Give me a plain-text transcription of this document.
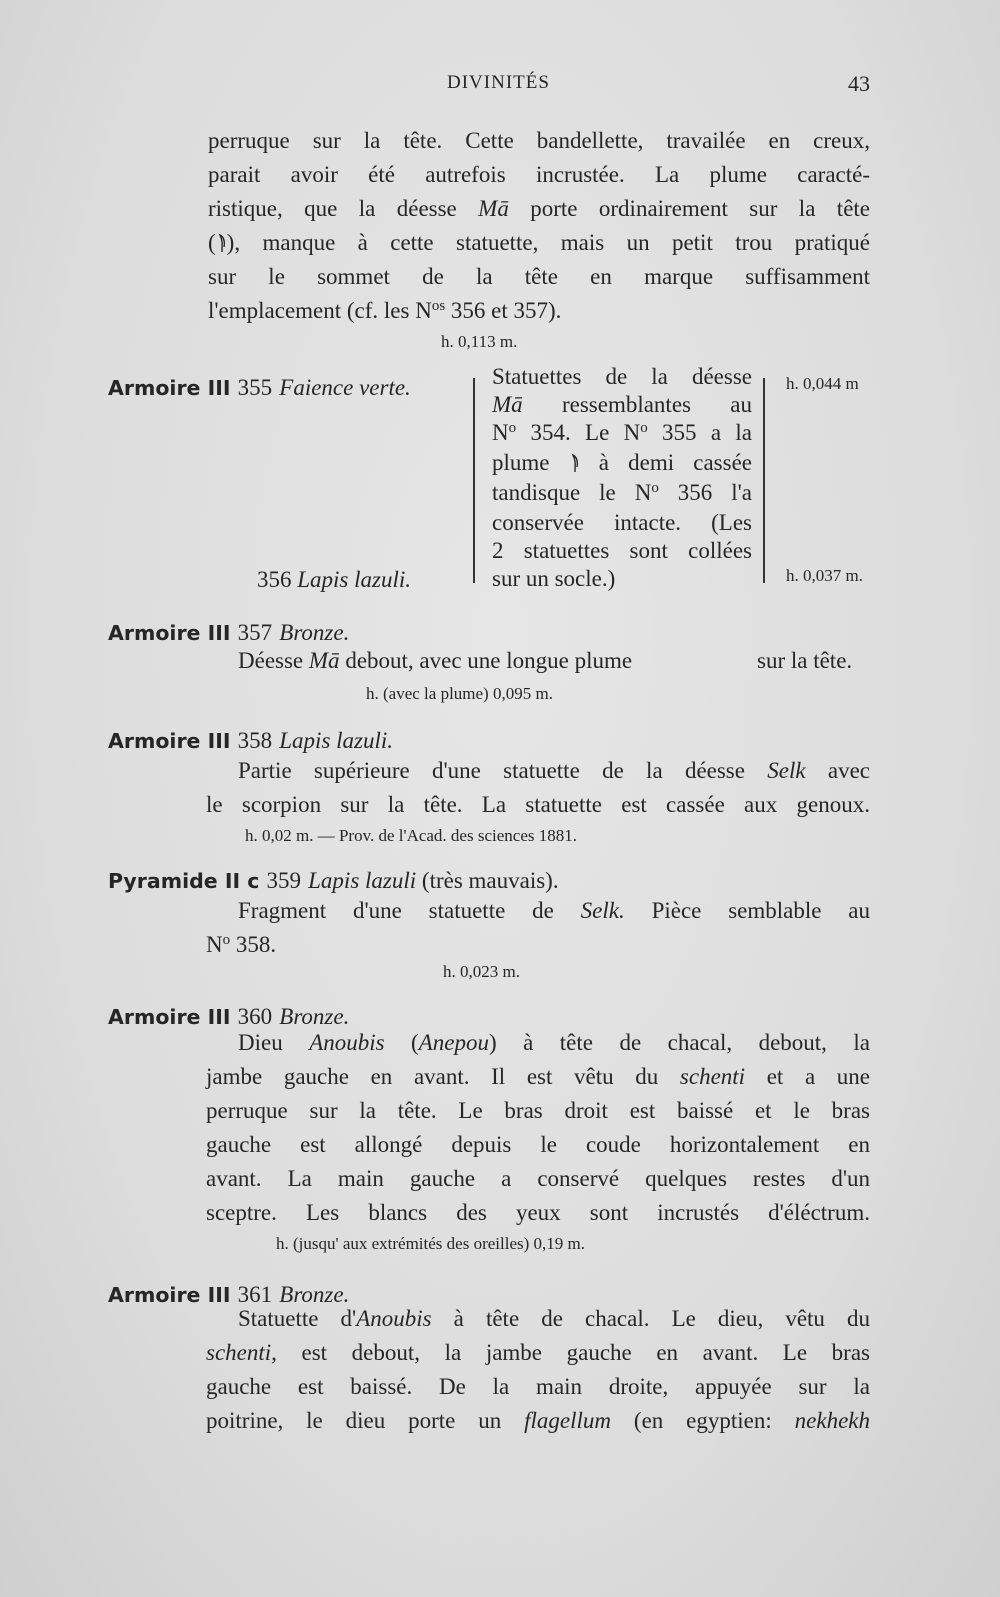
DIVINITÉS	43
perruque sur la tête. Cette bandellette, travailée en creux,
parait avoir été autrefois incrustée. La plume caracté-
ristique, que la déesse Mā porte ordinairement sur la tête
( ), manque à cette statuette, mais un petit trou pratiqué
sur le sommet de la tête en marque suffisamment
l'emplacement (cf. les $N^{os}$ 356 et 357).
h. 0,113 m.
Armoire III 355 Faience verte.
356 Lapis lazuli.
Statuettes de la déesse
Mā ressemblantes au
$N^o$ 354. Le $N^o$ 355 a la
plume  à demi cassée
tandisque le $N^o$ 356 l'a
conservée intacte. (Les
2 statuettes sont collées
sur un socle.)
h. 0,044 m
h. 0,037 m.
Armoire III 357 Bronze.
Déesse Mā debout, avec une longue plume	sur la tête.
h. (avec la plume) 0,095 m.
Armoire III 358 Lapis lazuli.
Partie supérieure d'une statuette de la déesse Selk avec
le scorpion sur la tête. La statuette est cassée aux genoux.
h. 0,02 m. — Prov. de l'Acad. des sciences 1881.
Pyramide II c 359 Lapis lazuli (très mauvais).
Fragment d'une statuette de Selk. Pièce semblable au
$N^o$ 358.
h. 0,023 m.
Armoire III 360 Bronze.
Dieu Anoubis (Anepou) à tête de chacal, debout, la
jambe gauche en avant. Il est vêtu du schenti et a une
perruque sur la tête. Le bras droit est baissé et le bras
gauche est allongé depuis le coude horizontalement en
avant. La main gauche a conservé quelques restes d'un
sceptre. Les blancs des yeux sont incrustés d'éléctrum.
h. (jusqu' aux extrémités des oreilles) 0,19 m.
Armoire III 361 Bronze.
Statuette d'Anoubis à tête de chacal. Le dieu, vêtu du
schenti, est debout, la jambe gauche en avant. Le bras
gauche est baissé. De la main droite, appuyée sur la
poitrine, le dieu porte un flagellum (en egyptien: nekhekh
